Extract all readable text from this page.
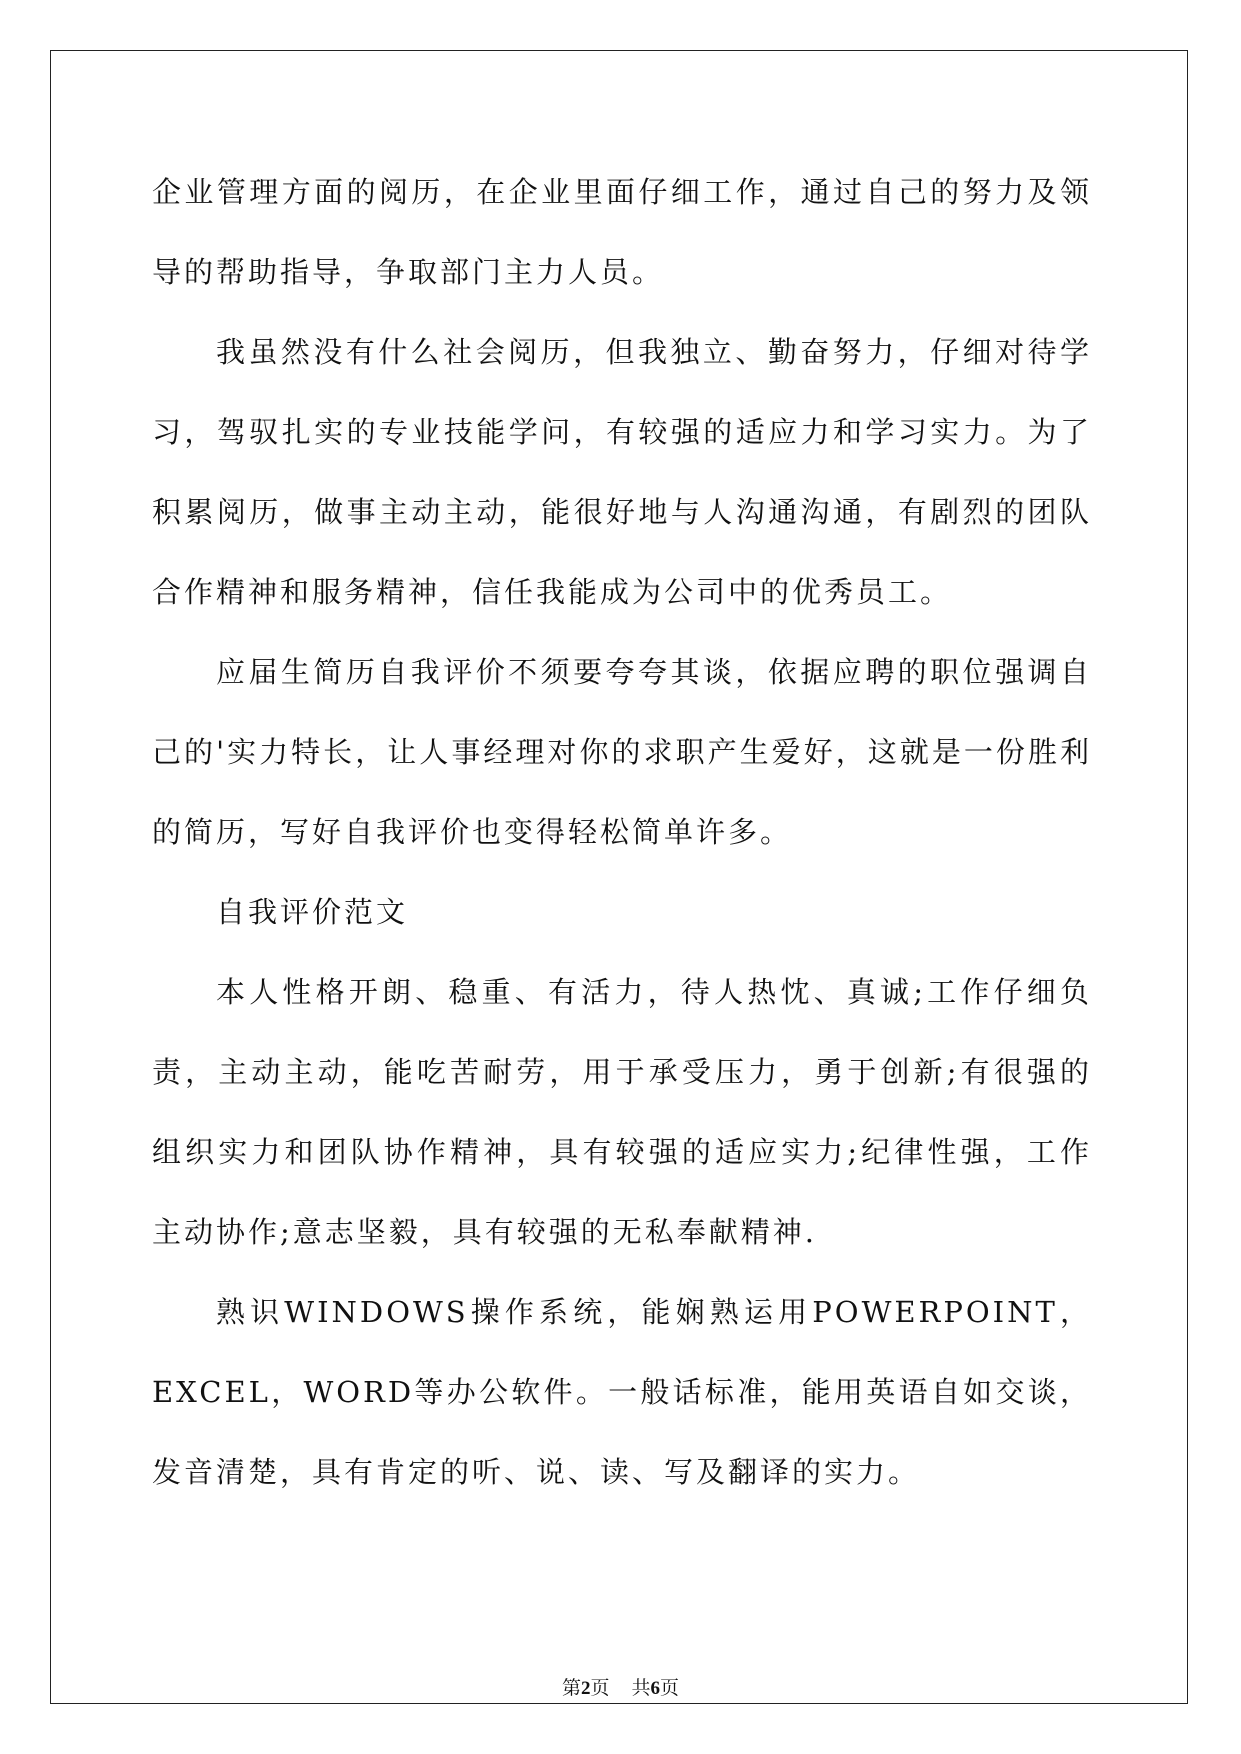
企业管理方面的阅历，在企业里面仔细工作，通过自己的努力及领导的帮助指导，争取部门主力人员。

我虽然没有什么社会阅历，但我独立、勤奋努力，仔细对待学习，驾驭扎实的专业技能学问，有较强的适应力和学习实力。为了积累阅历，做事主动主动，能很好地与人沟通沟通，有剧烈的团队合作精神和服务精神，信任我能成为公司中的优秀员工。

应届生简历自我评价不须要夸夸其谈，依据应聘的职位强调自己的'实力特长，让人事经理对你的求职产生爱好，这就是一份胜利的简历，写好自我评价也变得轻松简单许多。

自我评价范文

本人性格开朗、稳重、有活力，待人热忱、真诚;工作仔细负责，主动主动，能吃苦耐劳，用于承受压力，勇于创新;有很强的组织实力和团队协作精神，具有较强的适应实力;纪律性强，工作主动协作;意志坚毅，具有较强的无私奉献精神.

熟识WINDOWS操作系统，能娴熟运用POWERPOINT，EXCEL，WORD等办公软件。一般话标准，能用英语自如交谈，发音清楚，具有肯定的听、说、读、写及翻译的实力。

第2页 共6页
